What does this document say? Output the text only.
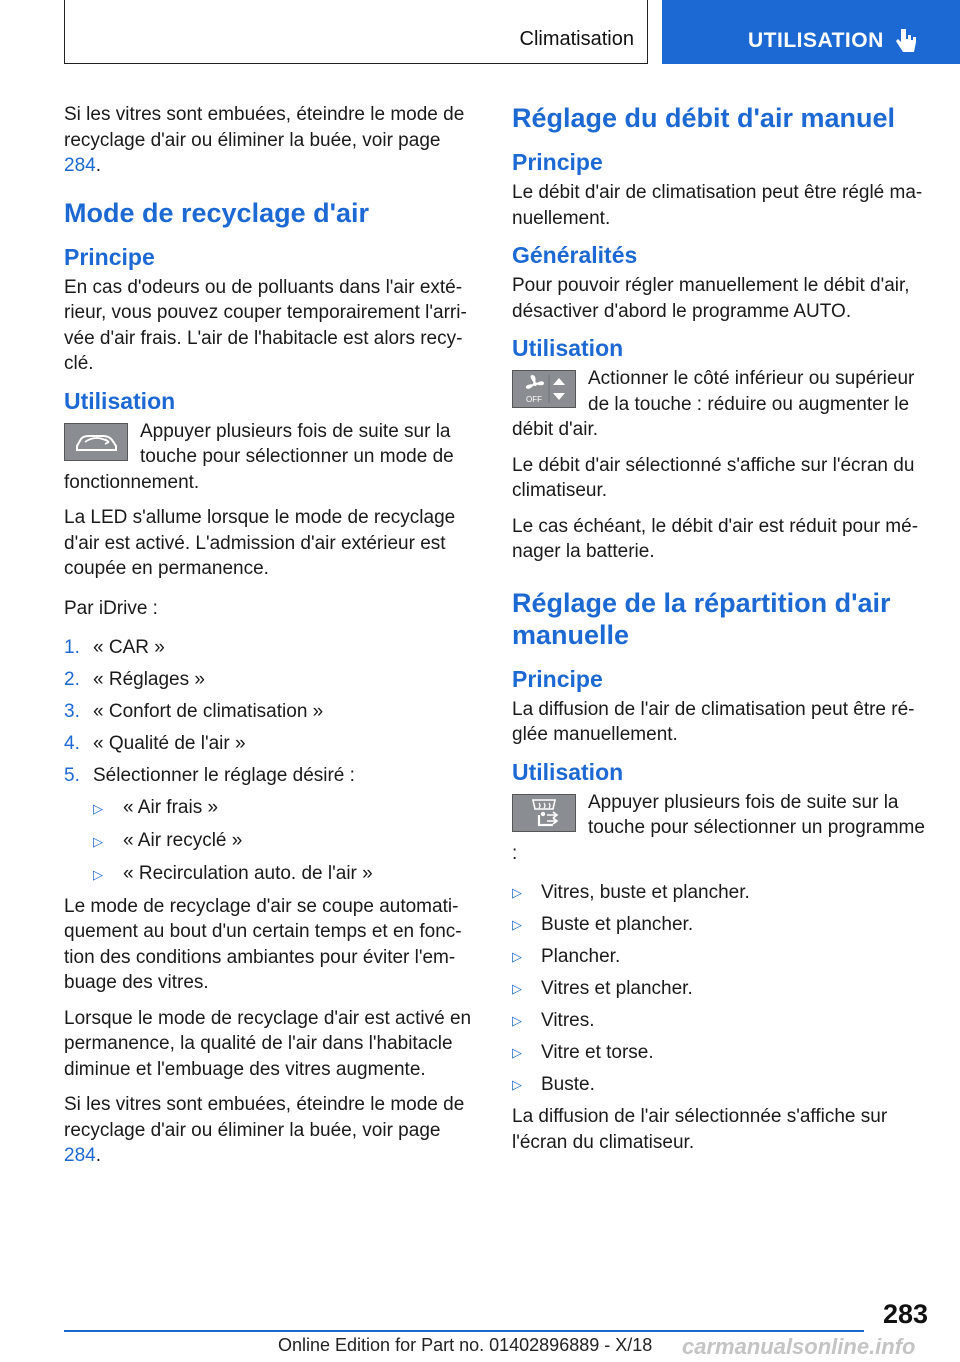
Climatisation	UTILISATION

Si les vitres sont embuées, éteindre le mode de recyclage d'air ou éliminer la buée, voir page 284.

Mode de recyclage d'air
Principe

En cas d'odeurs ou de polluants dans l'air extérieur, vous pouvez couper temporairement l'arrivée d'air frais. L'air de l'habitacle est alors recyclé.

Utilisation

Appuyer plusieurs fois de suite sur la touche pour sélectionner un mode de fonctionnement.

La LED s'allume lorsque le mode de recyclage d'air est activé. L'admission d'air extérieur est coupée en permanence.

Par iDrive :

1. « CAR »
2. « Réglages »
3. « Confort de climatisation »
4. « Qualité de l'air »
5. Sélectionner le réglage désiré :
▷ « Air frais »
▷ « Air recyclé »
▷ « Recirculation auto. de l'air »

Le mode de recyclage d'air se coupe automatiquement au bout d'un certain temps et en fonction des conditions ambiantes pour éviter l'embuage des vitres.

Lorsque le mode de recyclage d'air est activé en permanence, la qualité de l'air dans l'habitacle diminue et l'embuage des vitres augmente.

Si les vitres sont embuées, éteindre le mode de recyclage d'air ou éliminer la buée, voir page 284.

Réglage du débit d'air manuel
Principe

Le débit d'air de climatisation peut être réglé manuellement.

Généralités

Pour pouvoir régler manuellement le débit d'air, désactiver d'abord le programme AUTO.

Utilisation
OFF

Actionner le côté inférieur ou supérieur de la touche : réduire ou augmenter le débit d'air.

Le débit d'air sélectionné s'affiche sur l'écran du climatiseur.

Le cas échéant, le débit d'air est réduit pour ménager la batterie.

Réglage de la répartition d'air manuelle
Principe

La diffusion de l'air de climatisation peut être réglée manuellement.

Utilisation

Appuyer plusieurs fois de suite sur la touche pour sélectionner un programme :

▷ Vitres, buste et plancher.
▷ Buste et plancher.
▷ Plancher.
▷ Vitres et plancher.
▷ Vitres.
▷ Vitre et torse.
▷ Buste.

La diffusion de l'air sélectionnée s'affiche sur l'écran du climatiseur.

283
Online Edition for Part no. 01402896889 - X/18 carmanualsonline.info
